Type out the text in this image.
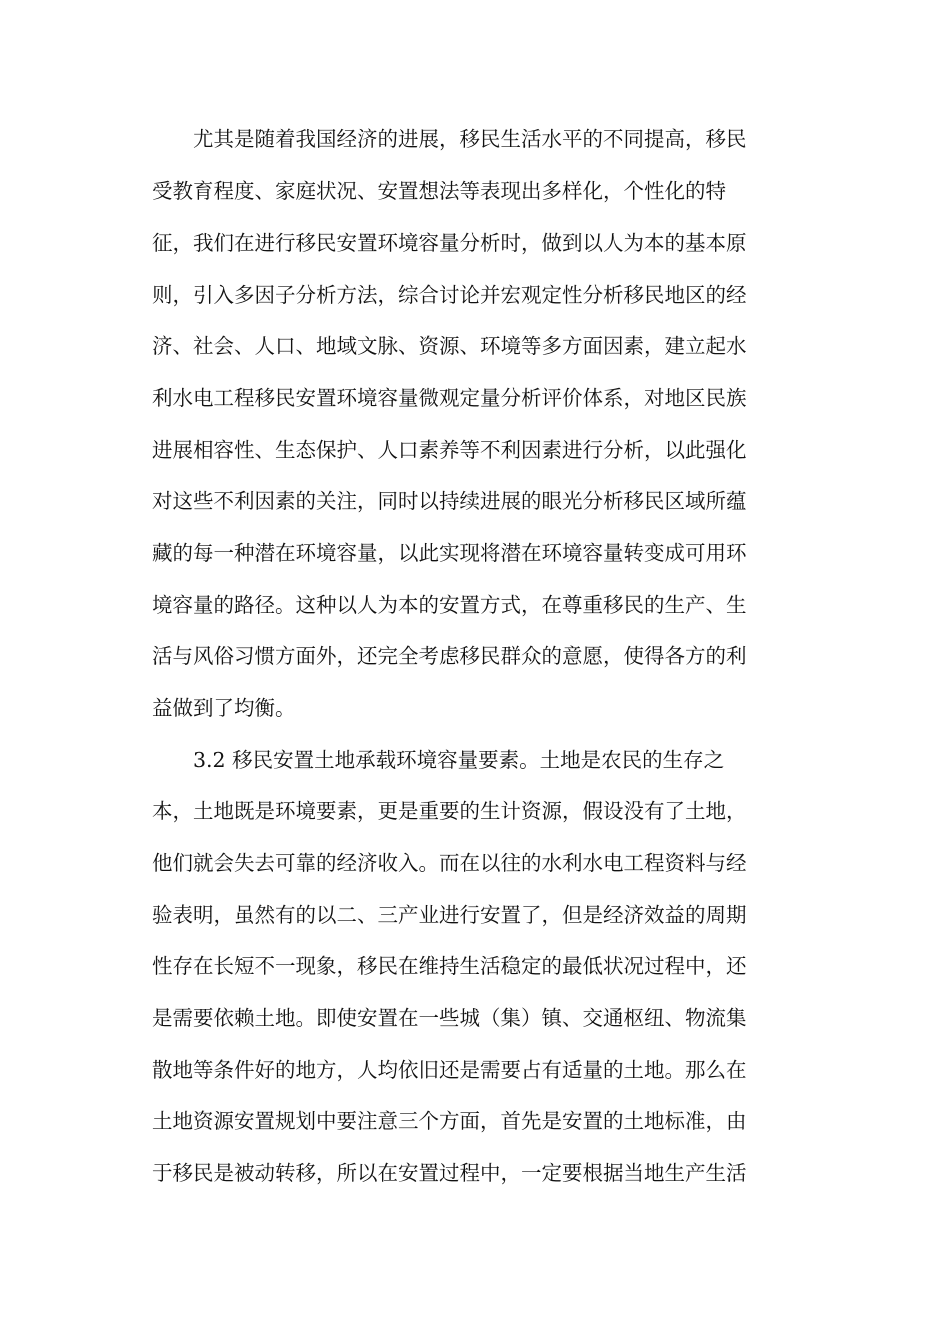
尤其是随着我国经济的进展，移民生活水平的不同提高，移民
受教育程度、家庭状况、安置想法等表现出多样化，个性化的特
征，我们在进行移民安置环境容量分析时，做到以人为本的基本原
则，引入多因子分析方法，综合讨论并宏观定性分析移民地区的经
济、社会、人口、地域文脉、资源、环境等多方面因素，建立起水
利水电工程移民安置环境容量微观定量分析评价体系，对地区民族
进展相容性、生态保护、人口素养等不利因素进行分析，以此强化
对这些不利因素的关注，同时以持续进展的眼光分析移民区域所蕴
藏的每一种潜在环境容量，以此实现将潜在环境容量转变成可用环
境容量的路径。这种以人为本的安置方式，在尊重移民的生产、生
活与风俗习惯方面外，还完全考虑移民群众的意愿，使得各方的利
益做到了均衡。
3.2 移民安置土地承载环境容量要素。土地是农民的生存之
本，土地既是环境要素，更是重要的生计资源，假设没有了土地，
他们就会失去可靠的经济收入。而在以往的水利水电工程资料与经
验表明，虽然有的以二、三产业进行安置了，但是经济效益的周期
性存在长短不一现象，移民在维持生活稳定的最低状况过程中，还
是需要依赖土地。即使安置在一些城（集）镇、交通枢纽、物流集
散地等条件好的地方，人均依旧还是需要占有适量的土地。那么在
土地资源安置规划中要注意三个方面，首先是安置的土地标准，由
于移民是被动转移，所以在安置过程中，一定要根据当地生产生活
